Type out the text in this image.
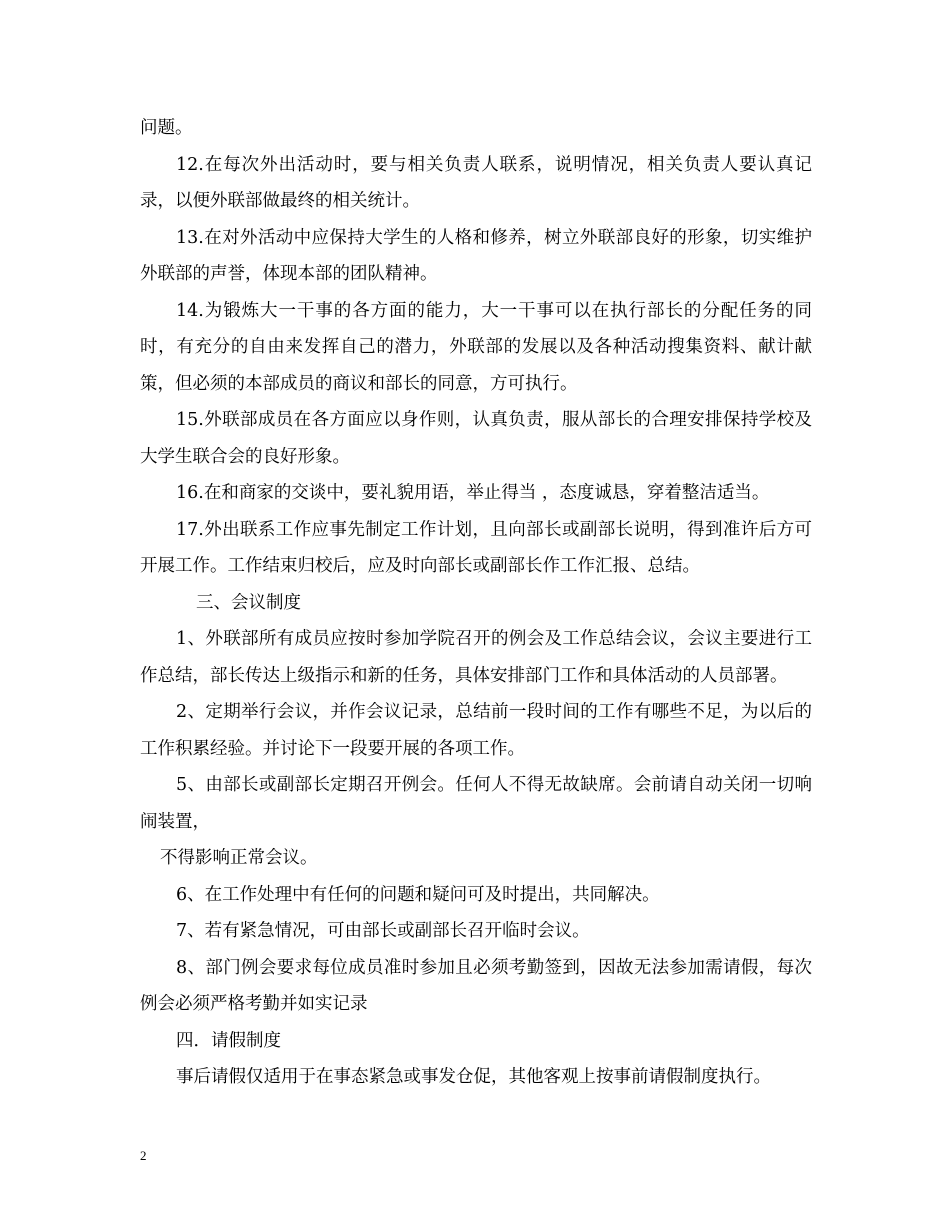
问题。

12.在每次外出活动时，要与相关负责人联系，说明情况，相关负责人要认真记录，以便外联部做最终的相关统计。

13.在对外活动中应保持大学生的人格和修养，树立外联部良好的形象，切实维护外联部的声誉，体现本部的团队精神。

14.为锻炼大一干事的各方面的能力，大一干事可以在执行部长的分配任务的同时，有充分的自由来发挥自己的潜力，外联部的发展以及各种活动搜集资料、献计献策，但必须的本部成员的商议和部长的同意，方可执行。

15.外联部成员在各方面应以身作则，认真负责，服从部长的合理安排保持学校及大学生联合会的良好形象。

16.在和商家的交谈中，要礼貌用语，举止得当 ，态度诚恳，穿着整洁适当。

17.外出联系工作应事先制定工作计划，且向部长或副部长说明，得到准许后方可开展工作。工作结束归校后，应及时向部长或副部长作工作汇报、总结。

三、会议制度

1、外联部所有成员应按时参加学院召开的例会及工作总结会议，会议主要进行工作总结，部长传达上级指示和新的任务，具体安排部门工作和具体活动的人员部署。

2、定期举行会议，并作会议记录，总结前一段时间的工作有哪些不足，为以后的工作积累经验。并讨论下一段要开展的各项工作。

5、由部长或副部长定期召开例会。任何人不得无故缺席。会前请自动关闭一切响闹装置，

不得影响正常会议。

6、在工作处理中有任何的问题和疑问可及时提出，共同解决。

7、若有紧急情况，可由部长或副部长召开临时会议。

8、部门例会要求每位成员准时参加且必须考勤签到，因故无法参加需请假，每次例会必须严格考勤并如实记录

四．请假制度

事后请假仅适用于在事态紧急或事发仓促，其他客观上按事前请假制度执行。

2
